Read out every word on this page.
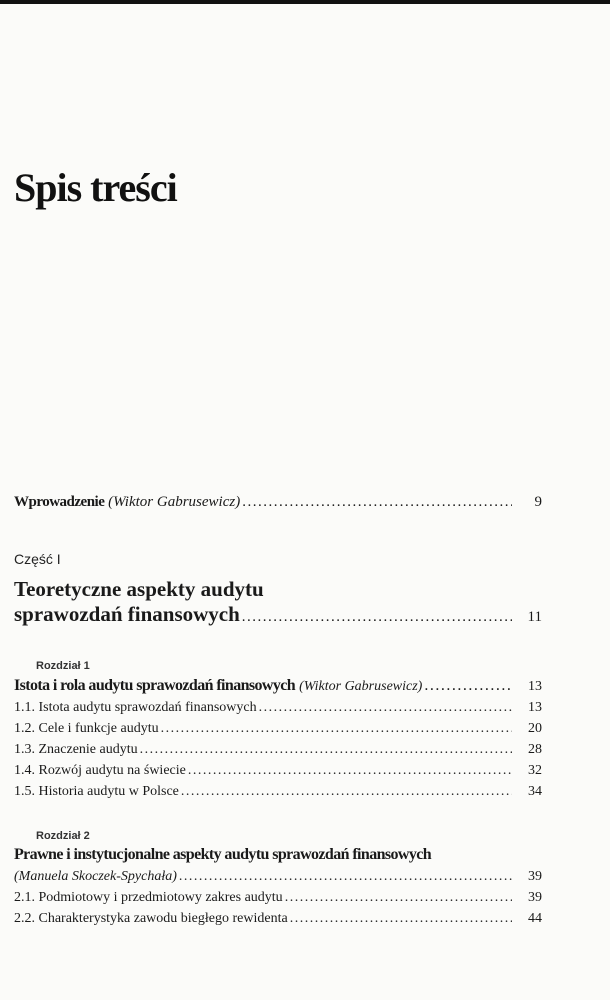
Spis treści
Wprowadzenie (Wiktor Gabrusewicz) .....	9
Część I
Teoretyczne aspekty audytu
sprawozdań finansowych .....	11
Rozdział 1
Istota i rola audytu sprawozdań finansowych (Wiktor Gabrusewicz) .....	13
1.1. Istota audytu sprawozdań finansowych .....	13
1.2. Cele i funkcje audytu .....	20
1.3. Znaczenie audytu .....	28
1.4. Rozwój audytu na świecie .....	32
1.5. Historia audytu w Polsce .....	34
Rozdział 2
Prawne i instytucjonalne aspekty audytu sprawozdań finansowych
(Manuela Skoczek-Spychała) .....	39
2.1. Podmiotowy i przedmiotowy zakres audytu .....	39
2.2. Charakterystyka zawodu biegłego rewidenta .....	44
